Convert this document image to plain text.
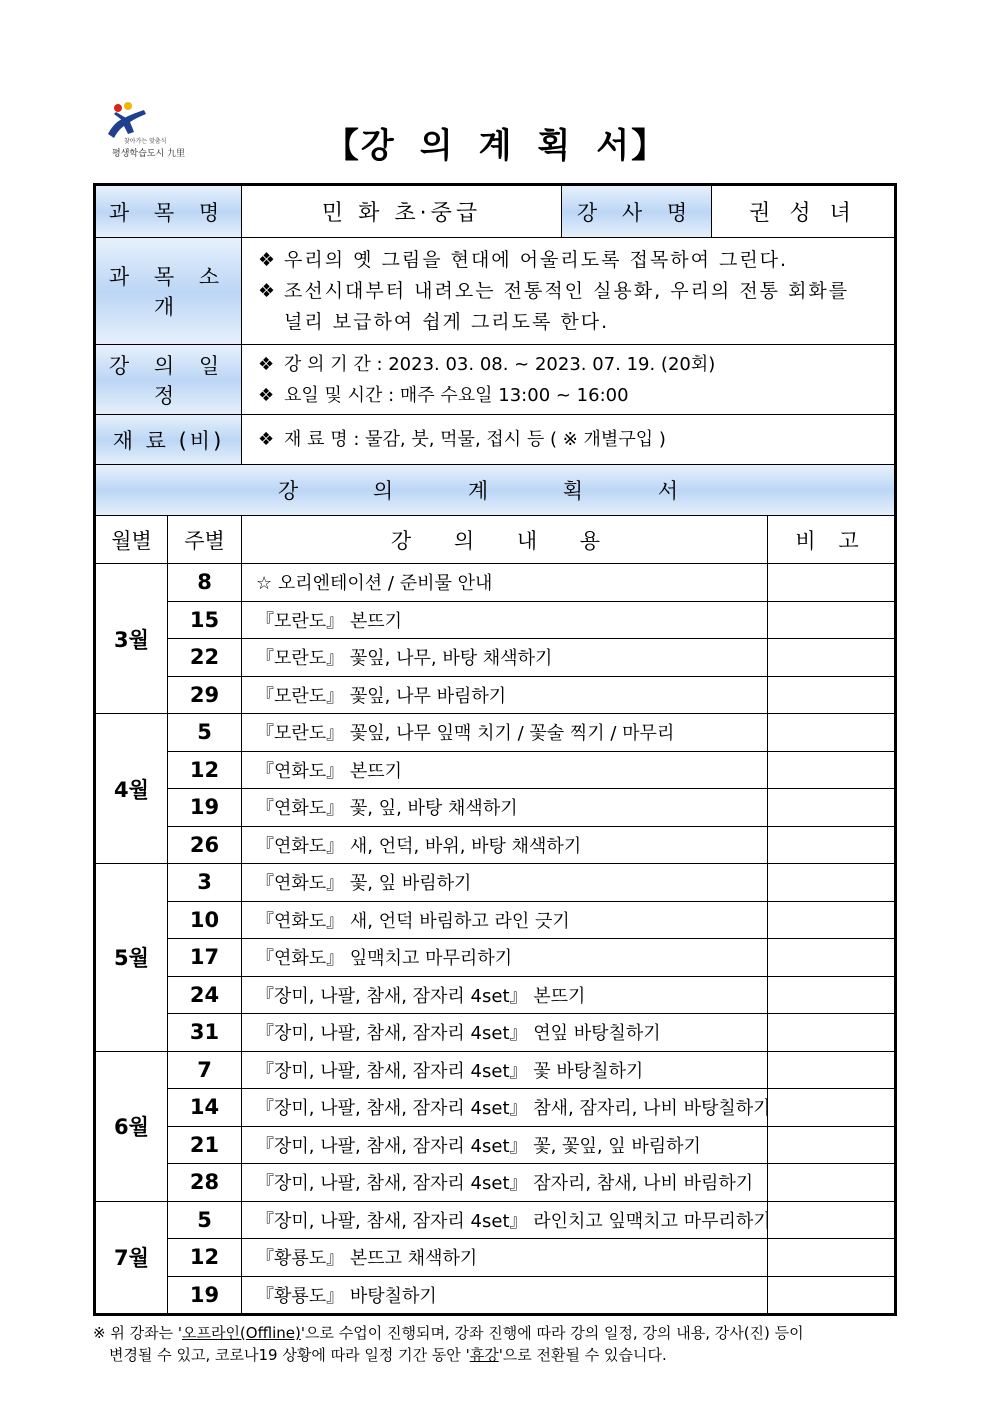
찾아가는 맞춤식
평생학습도시 九里	【강 의 계 획 서】
과 목 명		민 화 초·중급	강 사 명	권 성 녀	
과 목 소 개		❖ 우리의 옛 그림을 현대에 어울리도록 접목하여 그린다.
❖ 조선시대부터 내려오는 전통적인 실용화, 우리의 전통 회화를
널리 보급하여 쉽게 그리도록 한다.			

강 의 일 정		❖ 강 의 기 간 : 2023. 03. 08. ~ 2023. 07. 19. (20회)
❖ 요일 및 시간 : 매주 수요일 13:00 ~ 16:00			

재 료 (비)		❖ 재 료 명 : 물감, 붓, 먹물, 접시 등 ( ※ 개별구입 )			

강 의 계 획 서					
월별	주별	강 의 내 용			비 고
3월	8	☆ 오리엔테이션 / 준비물 안내			
	15	『모란도』 본뜨기			
	22	『모란도』 꽃잎, 나무, 바탕 채색하기			
	29	『모란도』 꽃잎, 나무 바림하기			
4월	5	『모란도』 꽃잎, 나무 잎맥 치기 / 꽃술 찍기 / 마무리			
	12	『연화도』 본뜨기			
	19	『연화도』 꽃, 잎, 바탕 채색하기			
	26	『연화도』 새, 언덕, 바위, 바탕 채색하기			
5월	3	『연화도』 꽃, 잎 바림하기			
	10	『연화도』 새, 언덕 바림하고 라인 긋기			
	17	『연화도』 잎맥치고 마무리하기			
	24	『장미, 나팔, 참새, 잠자리 4set』 본뜨기			
	31	『장미, 나팔, 참새, 잠자리 4set』 연잎 바탕칠하기			
6월	7	『장미, 나팔, 참새, 잠자리 4set』 꽃 바탕칠하기			
	14	『장미, 나팔, 참새, 잠자리 4set』 참새, 잠자리, 나비 바탕칠하기			
	21	『장미, 나팔, 참새, 잠자리 4set』 꽃, 꽃잎, 잎 바림하기			
	28	『장미, 나팔, 참새, 잠자리 4set』 잠자리, 참새, 나비 바림하기			
7월	5	『장미, 나팔, 참새, 잠자리 4set』 라인치고 잎맥치고 마무리하기			
	12	『황룡도』 본뜨고 채색하기			
	19	『황룡도』 바탕칠하기			
※ 위 강좌는 '오프라인(Offline)'으로 수업이 진행되며, 강좌 진행에 따라 강의 일정, 강의 내용, 강사(진) 등이
변경될 수 있고, 코로나19 상황에 따라 일정 기간 동안 '휴강'으로 전환될 수 있습니다.
